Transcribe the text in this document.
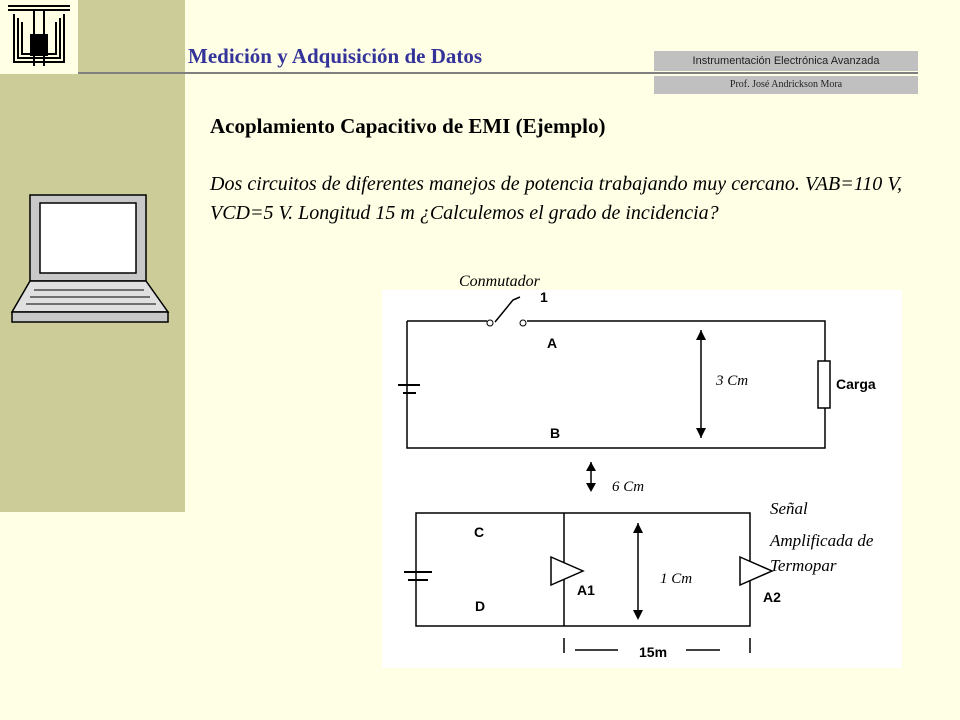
Medición y Adquisición de Datos	Instrumentación Electrónica Avanzada
Prof. José Andrickson Mora
Acoplamiento Capacitivo de EMI (Ejemplo)
Dos circuitos de diferentes manejos de potencia trabajando muy cercano. VAB=110 V, VCD=5 V. Longitud 15 m ¿Calculemos el grado de incidencia?
1
A
B
C
D
Carga
A1	A2
15m
Conmutador
3 Cm
6 Cm
1 Cm
Señal
Amplificada de
Termopar
